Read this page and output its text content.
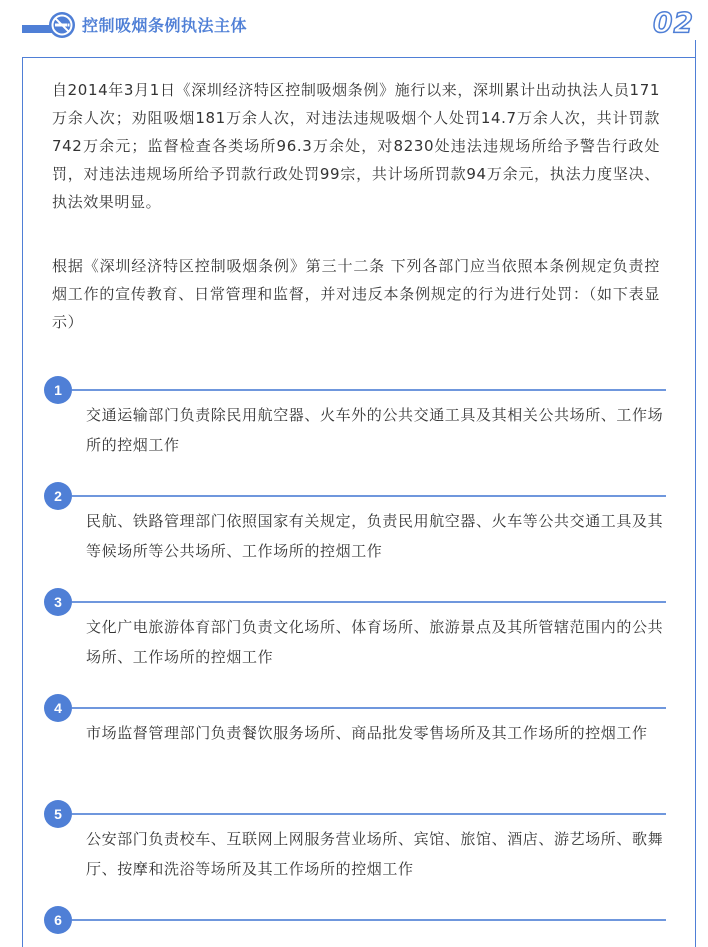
控制吸烟条例执法主体	02

自2014年3月1日《深圳经济特区控制吸烟条例》施行以来，深圳累计出动执法人员171万余人次；劝阻吸烟181万余人次，对违法违规吸烟个人处罚14.7万余人次，共计罚款742万余元；监督检查各类场所96.3万余处，对8230处违法违规场所给予警告行政处罚，对违法违规场所给予罚款行政处罚99宗，共计场所罚款94万余元，执法力度坚决、执法效果明显。

根据《深圳经济特区控制吸烟条例》第三十二条 下列各部门应当依照本条例规定负责控烟工作的宣传教育、日常管理和监督，并对违反本条例规定的行为进行处罚：（如下表显示）

1
交通运输部门负责除民用航空器、火车外的公共交通工具及其相关公共场所、工作场所的控烟工作
2
民航、铁路管理部门依照国家有关规定，负责民用航空器、火车等公共交通工具及其等候场所等公共场所、工作场所的控烟工作
3
文化广电旅游体育部门负责文化场所、体育场所、旅游景点及其所管辖范围内的公共场所、工作场所的控烟工作
4
市场监督管理部门负责餐饮服务场所、商品批发零售场所及其工作场所的控烟工作
5
公安部门负责校车、互联网上网服务营业场所、宾馆、旅馆、酒店、游艺场所、歌舞厅、按摩和洗浴等场所及其工作场所的控烟工作
6
